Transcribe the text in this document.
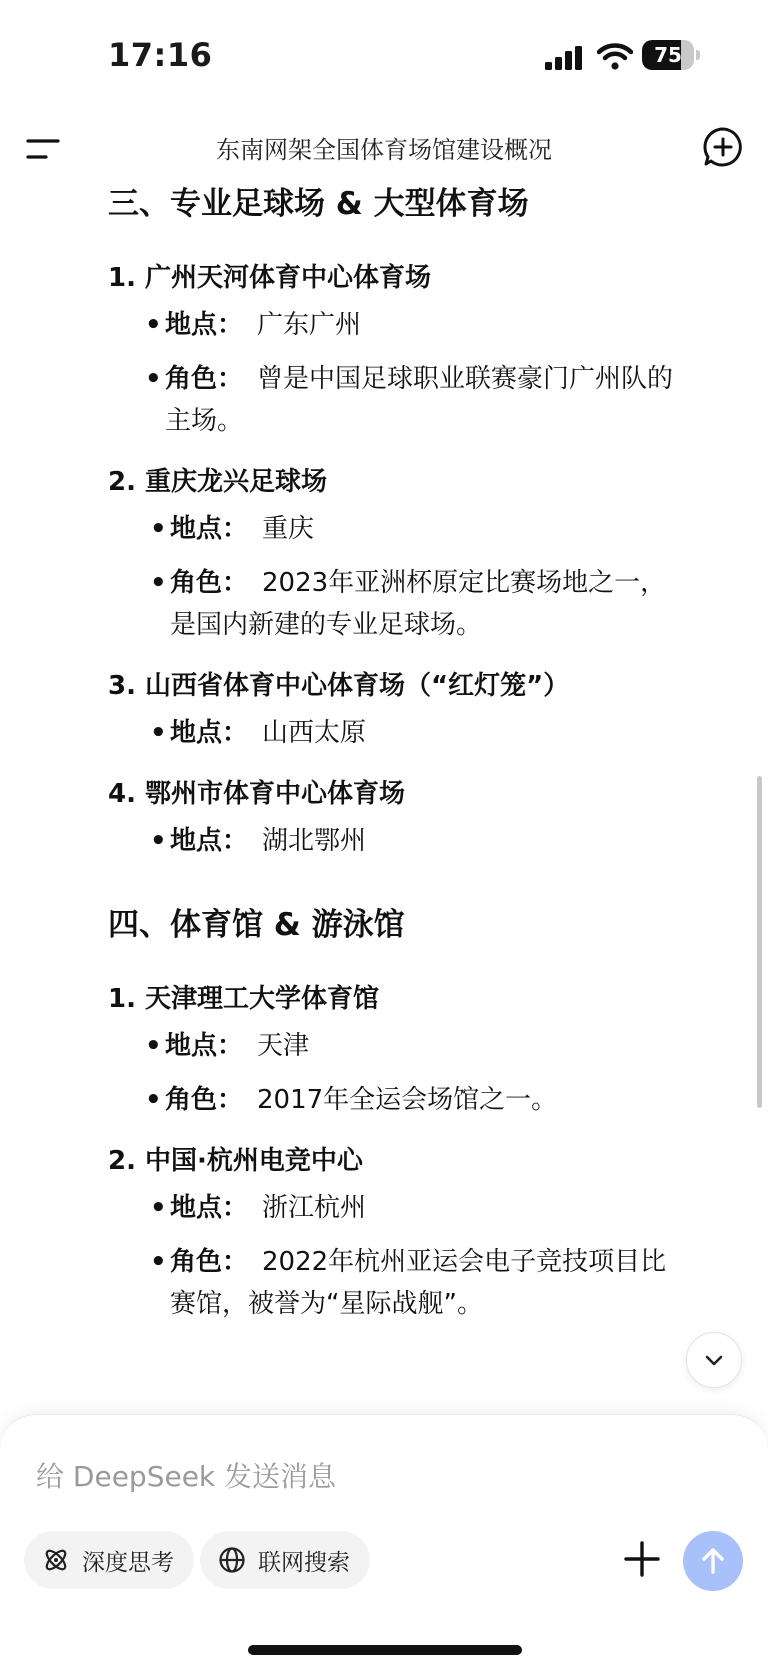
17:16	75
东南网架全国体育场馆建设概况
三、专业足球场 & 大型体育场
1. 广州天河体育中心体育场
• 地点： 广东广州
• 角色： 曾是中国足球职业联赛豪门广州队的
主场。
2. 重庆龙兴足球场
• 地点： 重庆
• 角色： 2023年亚洲杯原定比赛场地之一，
是国内新建的专业足球场。
3. 山西省体育中心体育场（“红灯笼”）
• 地点： 山西太原
4. 鄂州市体育中心体育场
• 地点： 湖北鄂州
四、体育馆 & 游泳馆
1. 天津理工大学体育馆
• 地点： 天津
• 角色： 2017年全运会场馆之一。
2. 中国·杭州电竞中心
• 地点： 浙江杭州
• 角色： 2022年杭州亚运会电子竞技项目比
赛馆，被誉为“星际战舰”。
给 DeepSeek 发送消息
深度思考	联网搜索
